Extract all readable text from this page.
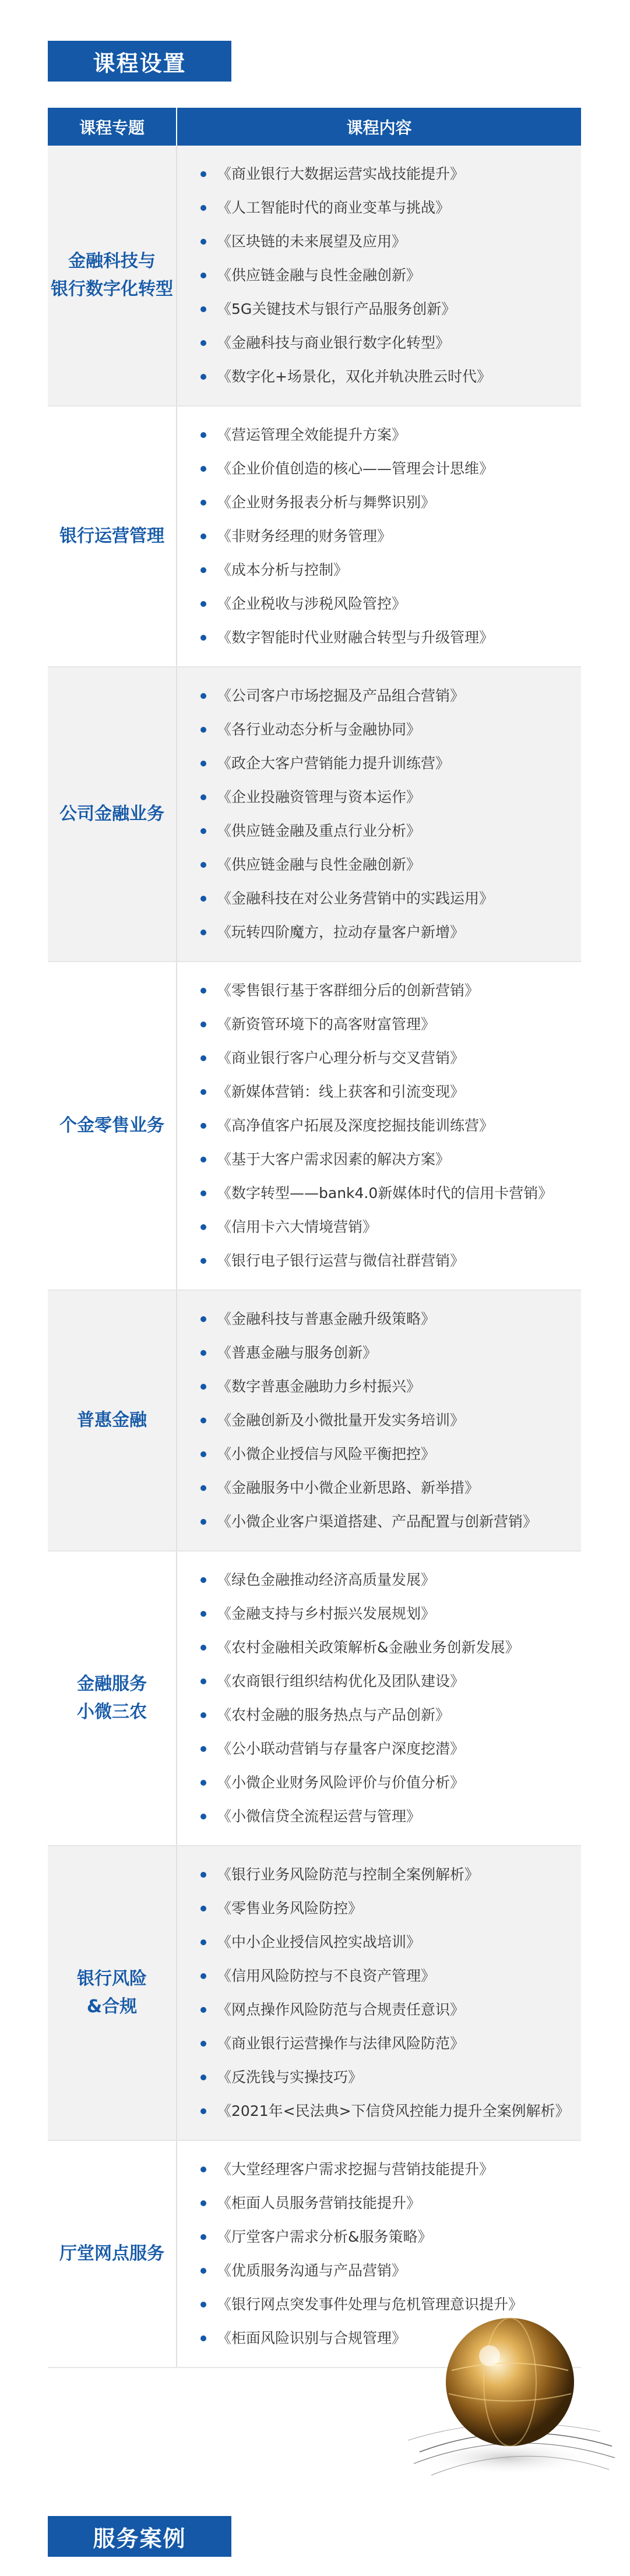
课程设置
课程专题	课程内容
金融科技与
银行数字化转型
《商业银行大数据运营实战技能提升》
《人工智能时代的商业变革与挑战》
《区块链的未来展望及应用》
《供应链金融与良性金融创新》
《5G关键技术与银行产品服务创新》
《金融科技与商业银行数字化转型》
《数字化+场景化，双化并轨决胜云时代》
银行运营管理
《营运管理全效能提升方案》
《企业价值创造的核心——管理会计思维》
《企业财务报表分析与舞弊识别》
《非财务经理的财务管理》
《成本分析与控制》
《企业税收与涉税风险管控》
《数字智能时代业财融合转型与升级管理》
公司金融业务
《公司客户市场挖掘及产品组合营销》
《各行业动态分析与金融协同》
《政企大客户营销能力提升训练营》
《企业投融资管理与资本运作》
《供应链金融及重点行业分析》
《供应链金融与良性金融创新》
《金融科技在对公业务营销中的实践运用》
《玩转四阶魔方，拉动存量客户新增》
个金零售业务
《零售银行基于客群细分后的创新营销》
《新资管环境下的高客财富管理》
《商业银行客户心理分析与交叉营销》
《新媒体营销：线上获客和引流变现》
《高净值客户拓展及深度挖掘技能训练营》
《基于大客户需求因素的解决方案》
《数字转型——bank4.0新媒体时代的信用卡营销》
《信用卡六大情境营销》
《银行电子银行运营与微信社群营销》
普惠金融
《金融科技与普惠金融升级策略》
《普惠金融与服务创新》
《数字普惠金融助力乡村振兴》
《金融创新及小微批量开发实务培训》
《小微企业授信与风险平衡把控》
《金融服务中小微企业新思路、新举措》
《小微企业客户渠道搭建、产品配置与创新营销》
金融服务
小微三农
《绿色金融推动经济高质量发展》
《金融支持与乡村振兴发展规划》
《农村金融相关政策解析&金融业务创新发展》
《农商银行组织结构优化及团队建设》
《农村金融的服务热点与产品创新》
《公小联动营销与存量客户深度挖潜》
《小微企业财务风险评价与价值分析》
《小微信贷全流程运营与管理》
银行风险
&合规
《银行业务风险防范与控制全案例解析》
《零售业务风险防控》
《中小企业授信风控实战培训》
《信用风险防控与不良资产管理》
《网点操作风险防范与合规责任意识》
《商业银行运营操作与法律风险防范》
《反洗钱与实操技巧》
《2021年<民法典>下信贷风控能力提升全案例解析》
厅堂网点服务
《大堂经理客户需求挖掘与营销技能提升》
《柜面人员服务营销技能提升》
《厅堂客户需求分析&服务策略》
《优质服务沟通与产品营销》
《银行网点突发事件处理与危机管理意识提升》
《柜面风险识别与合规管理》
服务案例
